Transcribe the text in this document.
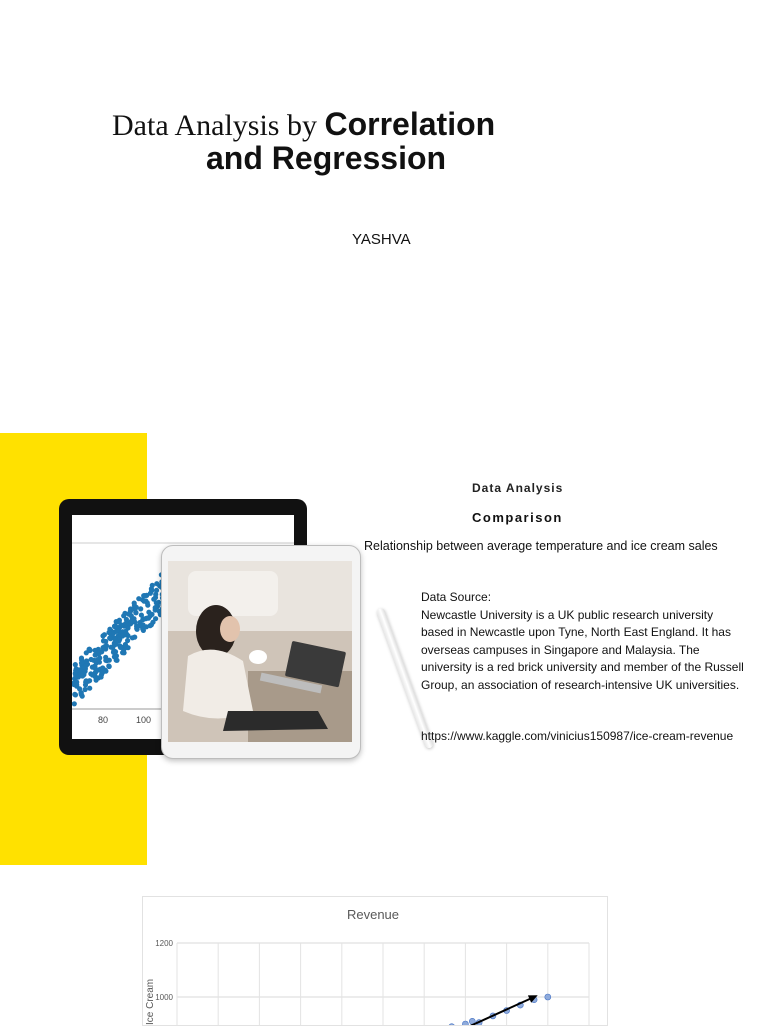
Data Analysis by Correlation
and Regression
YASHVA
80	100
Data Analysis
Comparison
Relationship between average temperature and ice cream sales

Data Source:

Newcastle University is a UK public research university based in Newcastle upon Tyne, North East England. It has overseas campuses in Singapore and Malaysia. The university is a red brick university and member of the Russell Group, an association of research-intensive UK universities.

https://www.kaggle.com/vinicius150987/ice-cream-revenue
Revenue
1200
1000
Ice Cream
